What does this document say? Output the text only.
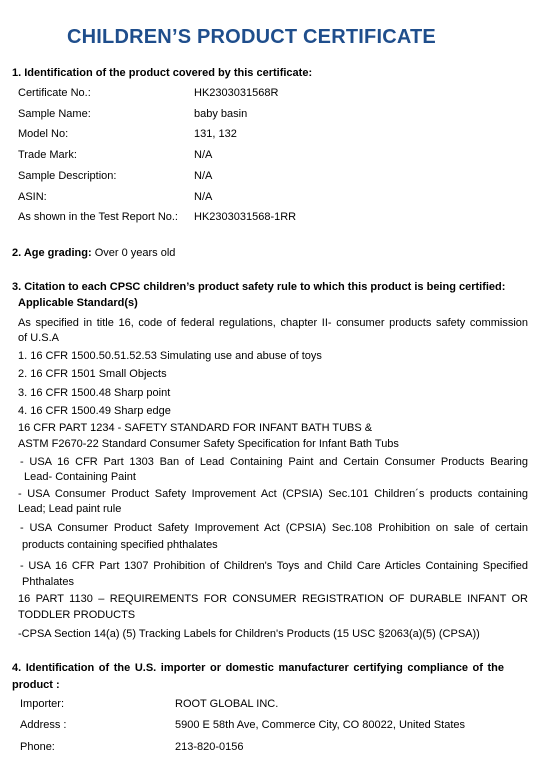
CHILDREN’S PRODUCT CERTIFICATE
1. Identification of the product covered by this certificate:
Certificate No.:	HK2303031568R
Sample Name:	baby basin
Model No:	131, 132
Trade Mark:	N/A
Sample Description:	N/A
ASIN:	N/A
As shown in the Test Report No.: HK2303031568-1RR
2. Age grading: Over 0 years old
3. Citation to each CPSC children’s product safety rule to which this product is being certified:
Applicable Standard(s)
As specified in title 16, code of federal regulations, chapter II- consumer products safety commission
of U.S.A
1. 16 CFR 1500.50.51.52.53 Simulating use and abuse of toys
2. 16 CFR 1501 Small Objects
3. 16 CFR 1500.48 Sharp point
4. 16 CFR 1500.49 Sharp edge
16 CFR PART 1234 - SAFETY STANDARD FOR INFANT BATH TUBS &
ASTM F2670-22 Standard Consumer Safety Specification for Infant Bath Tubs
- USA 16 CFR Part 1303 Ban of Lead Containing Paint and Certain Consumer Products Bearing
Lead- Containing Paint
- USA Consumer Product Safety Improvement Act (CPSIA) Sec.101 Children´s products containing
Lead; Lead paint rule
- USA Consumer Product Safety Improvement Act (CPSIA) Sec.108 Prohibition on sale of certain
products containing specified phthalates
- USA 16 CFR Part 1307 Prohibition of Children's Toys and Child Care Articles Containing Specified
Phthalates
16 PART 1130 – REQUIREMENTS FOR CONSUMER REGISTRATION OF DURABLE INFANT OR
TODDLER PRODUCTS
-CPSA Section 14(a) (5) Tracking Labels for Children's Products (15 USC §2063(a)(5) (CPSA))
4. Identification of the U.S. importer or domestic manufacturer certifying compliance of the
product :
Importer:	ROOT GLOBAL INC.
Address :	5900 E 58th Ave, Commerce City, CO 80022, United States
Phone:	213-820-0156
